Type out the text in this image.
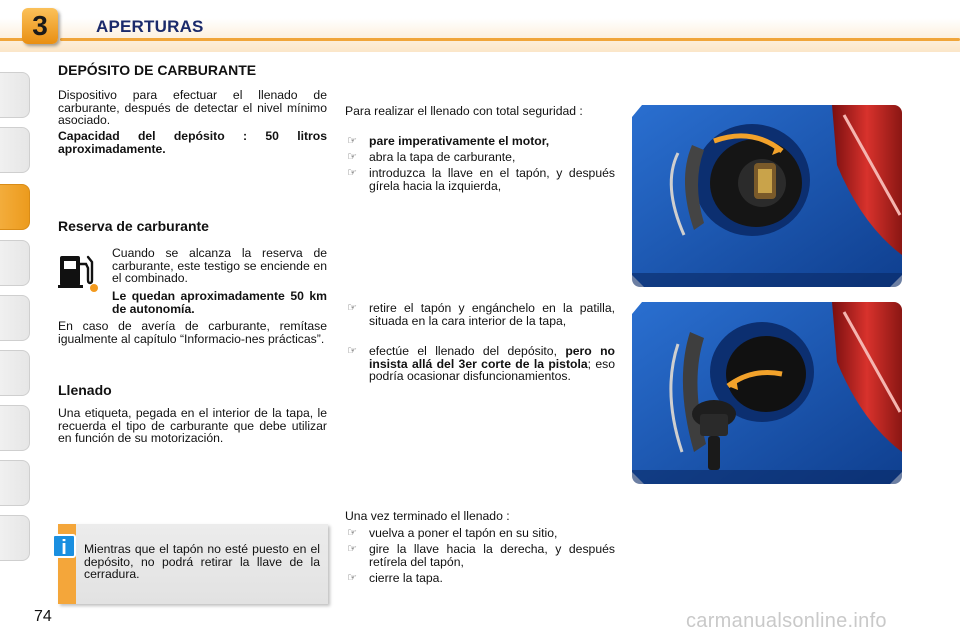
3	APERTURAS
DEPÓSITO DE CARBURANTE
Dispositivo para efectuar el llenado de carburante, después de detectar el nivel mínimo asociado.
Capacidad del depósito : 50 litros aproximadamente.
Reserva de carburante
Cuando se alcanza la reserva de carburante, este testigo se enciende en el combinado.
Le quedan aproximadamente 50 km de autonomía.
En caso de avería de carburante, remítase igualmente al capítulo “Informacio-nes prácticas”.
Llenado
Una etiqueta, pegada en el interior de la tapa, le recuerda el tipo de carburante que debe utilizar en función de su motorización.
i	Mientras que el tapón no esté puesto en el depósito, no podrá retirar la llave de la cerradura.
Para realizar el llenado con total seguridad :
☞ pare imperativamente el motor,
☞ abra la tapa de carburante,
☞ introduzca la llave en el tapón, y después gírela hacia la izquierda,
☞ retire el tapón y engánchelo en la patilla, situada en la cara interior de la tapa,
☞ efectúe el llenado del depósito, pero no insista allá del 3er corte de la pistola; eso podría ocasionar disfuncionamientos.
Una vez terminado el llenado :
☞ vuelva a poner el tapón en su sitio,
☞ gire la llave hacia la derecha, y después retírela del tapón,
☞ cierre la tapa.
74	carmanualsonline.info
